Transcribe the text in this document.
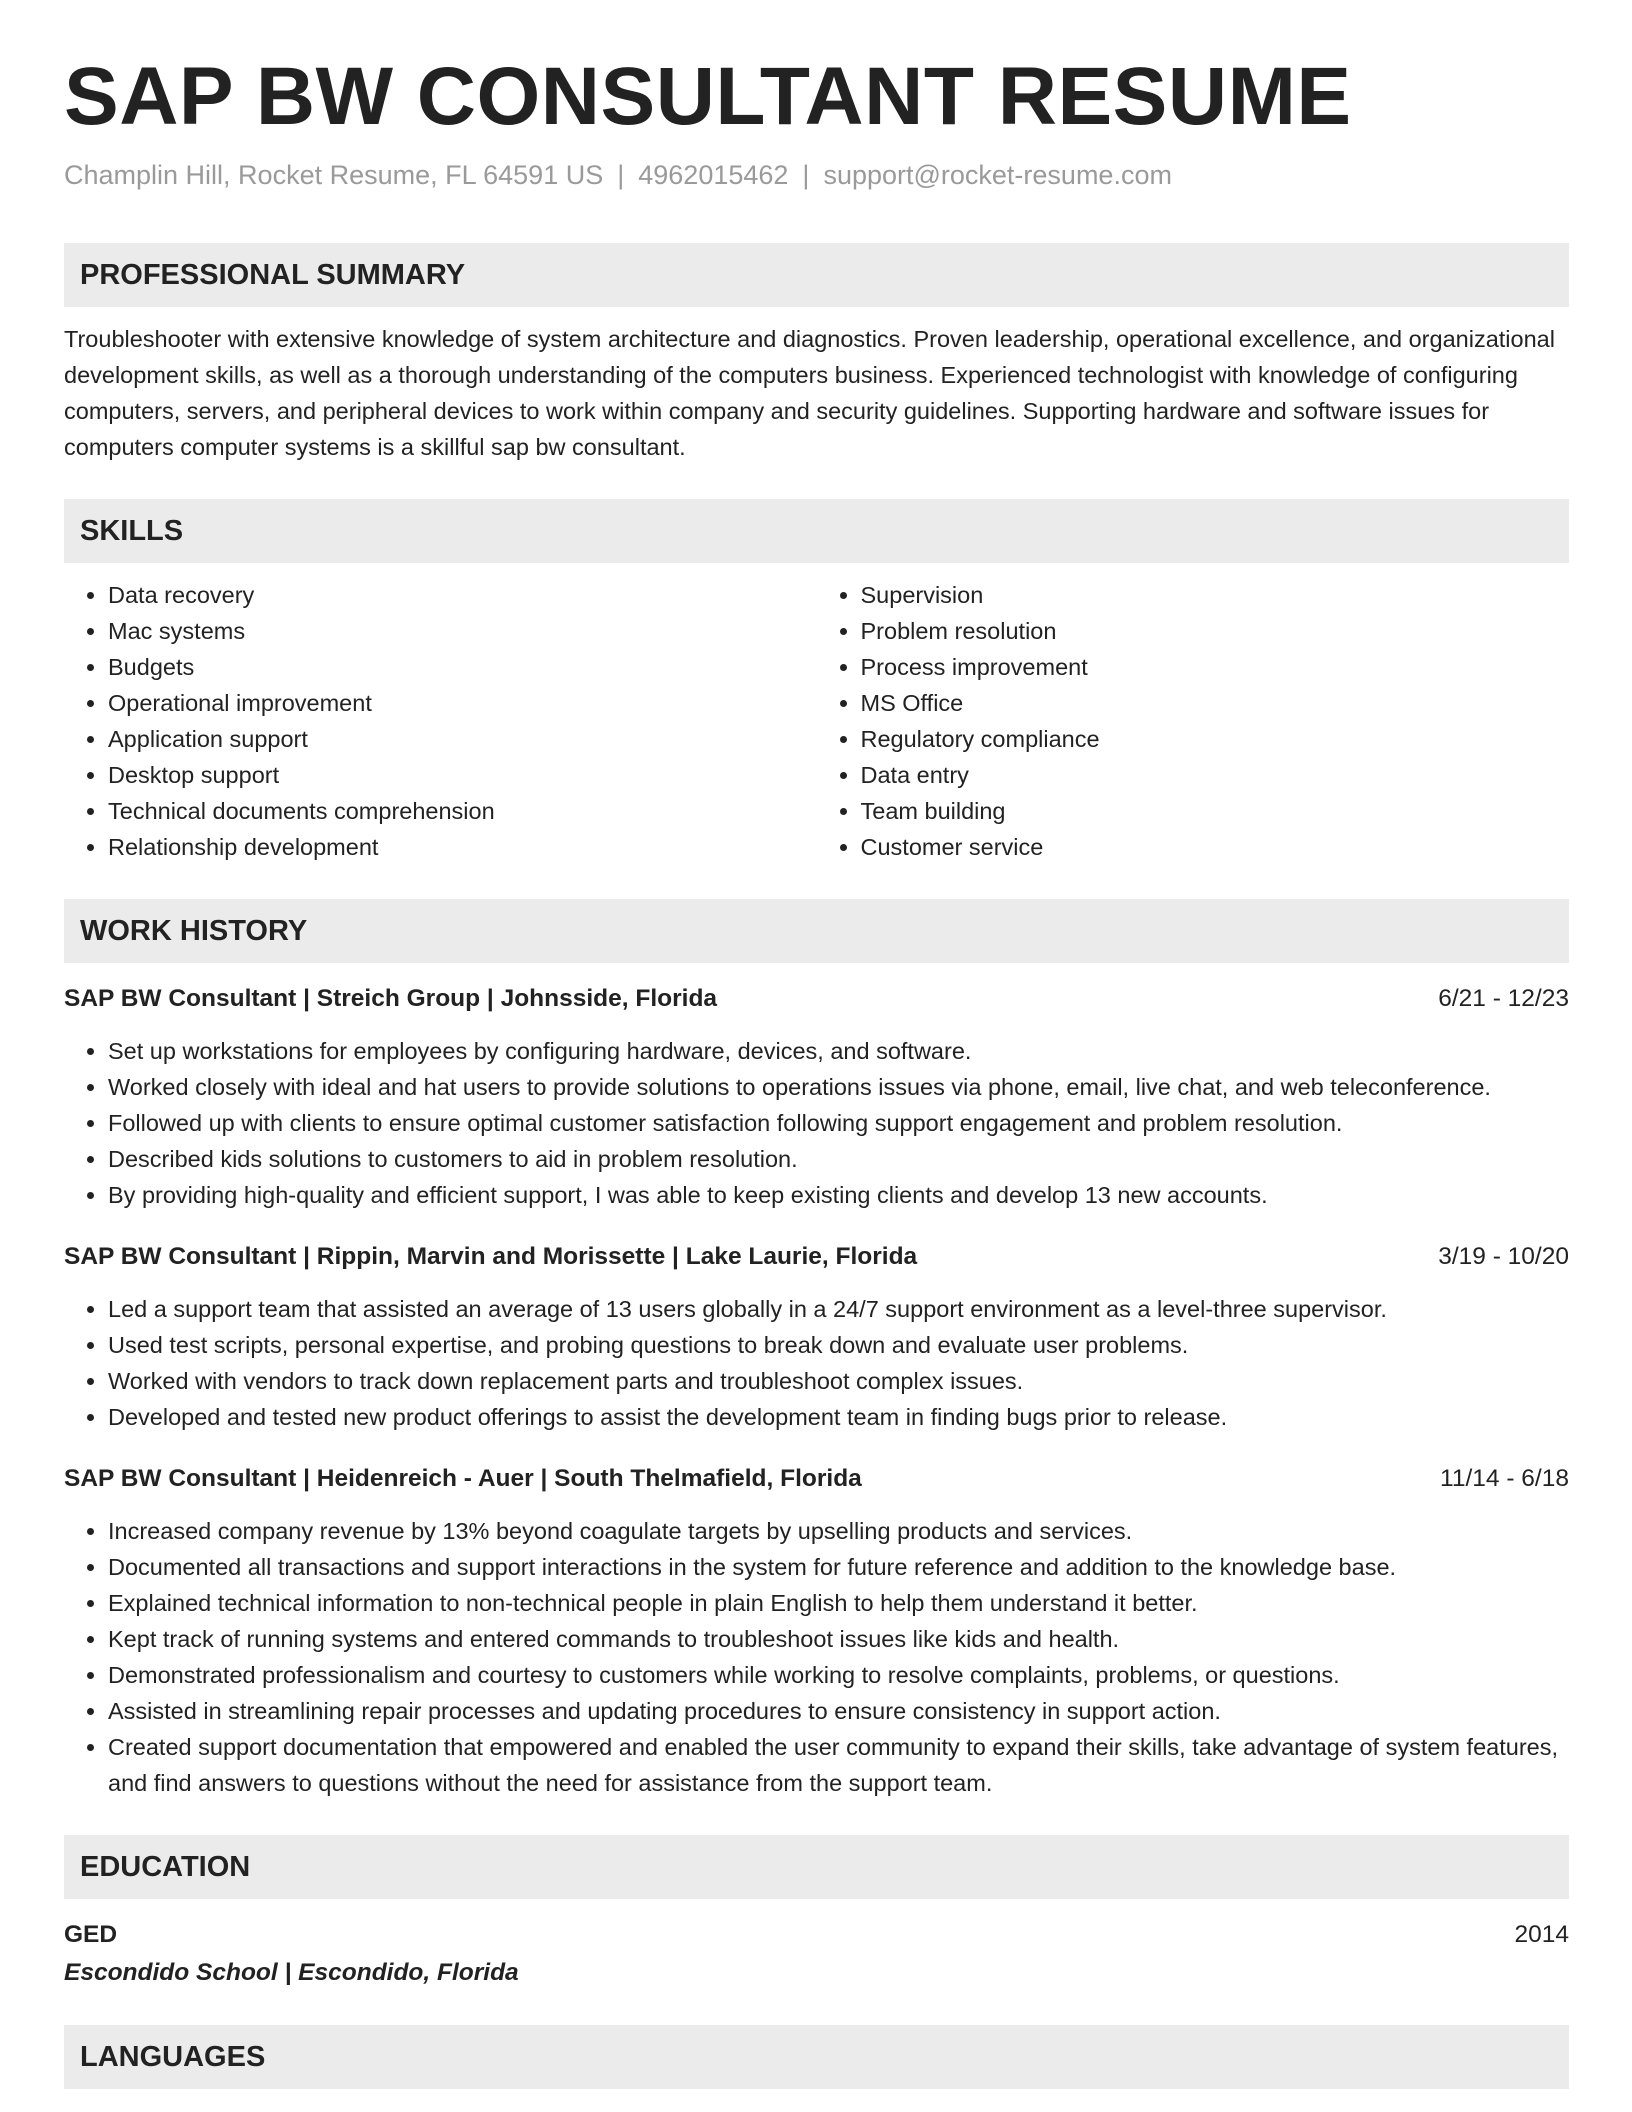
SAP BW CONSULTANT RESUME
Champlin Hill, Rocket Resume, FL 64591 US | 4962015462 | support@rocket-resume.com
PROFESSIONAL SUMMARY
Troubleshooter with extensive knowledge of system architecture and diagnostics. Proven leadership, operational excellence, and organizational development skills, as well as a thorough understanding of the computers business. Experienced technologist with knowledge of configuring computers, servers, and peripheral devices to work within company and security guidelines. Supporting hardware and software issues for computers computer systems is a skillful sap bw consultant.
SKILLS
• Data recovery
• Mac systems
• Budgets
• Operational improvement
• Application support
• Desktop support
• Technical documents comprehension
• Relationship development
• Supervision
• Problem resolution
• Process improvement
• MS Office
• Regulatory compliance
• Data entry
• Team building
• Customer service
WORK HISTORY
SAP BW Consultant | Streich Group | Johnsside, Florida	6/21 - 12/23
• Set up workstations for employees by configuring hardware, devices, and software.
• Worked closely with ideal and hat users to provide solutions to operations issues via phone, email, live chat, and web teleconference.
• Followed up with clients to ensure optimal customer satisfaction following support engagement and problem resolution.
• Described kids solutions to customers to aid in problem resolution.
• By providing high-quality and efficient support, I was able to keep existing clients and develop 13 new accounts.
SAP BW Consultant | Rippin, Marvin and Morissette | Lake Laurie, Florida	3/19 - 10/20
• Led a support team that assisted an average of 13 users globally in a 24/7 support environment as a level-three supervisor.
• Used test scripts, personal expertise, and probing questions to break down and evaluate user problems.
• Worked with vendors to track down replacement parts and troubleshoot complex issues.
• Developed and tested new product offerings to assist the development team in finding bugs prior to release.
SAP BW Consultant | Heidenreich - Auer | South Thelmafield, Florida	11/14 - 6/18
• Increased company revenue by 13% beyond coagulate targets by upselling products and services.
• Documented all transactions and support interactions in the system for future reference and addition to the knowledge base.
• Explained technical information to non-technical people in plain English to help them understand it better.
• Kept track of running systems and entered commands to troubleshoot issues like kids and health.
• Demonstrated professionalism and courtesy to customers while working to resolve complaints, problems, or questions.
• Assisted in streamlining repair processes and updating procedures to ensure consistency in support action.
• Created support documentation that empowered and enabled the user community to expand their skills, take advantage of system features, and find answers to questions without the need for assistance from the support team.
EDUCATION
GED	2014
Escondido School | Escondido, Florida
LANGUAGES
